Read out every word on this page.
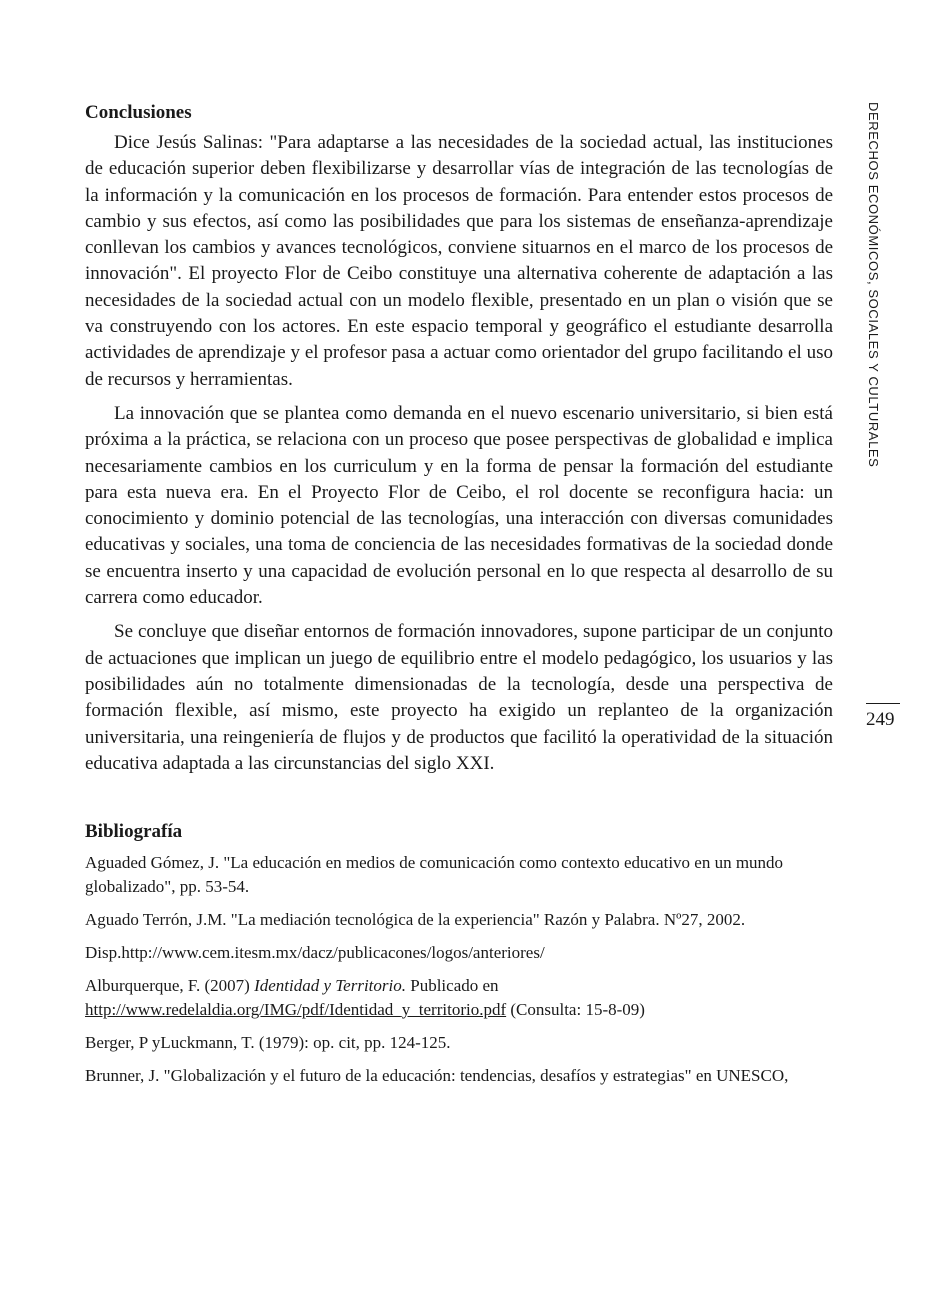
Conclusiones

Dice Jesús Salinas: "Para adaptarse a las necesidades de la sociedad actual, las instituciones de educación superior deben flexibilizarse y desarrollar vías de integración de las tecnologías de la información y la comunicación en los procesos de formación. Para entender estos procesos de cambio y sus efectos, así como las posibilidades que para los sistemas de enseñanza-aprendizaje conllevan los cambios y avances tecnológicos, conviene situarnos en el marco de los procesos de innovación". El proyecto Flor de Ceibo constituye una alternativa coherente de adaptación a las necesidades de la sociedad actual con un modelo flexible, presentado en un plan o visión que se va construyendo con los actores. En este espacio temporal y geográfico el estudiante desarrolla actividades de aprendizaje y el profesor pasa a actuar como orientador del grupo facilitando el uso de recursos y herramientas.

La innovación que se plantea como demanda en el nuevo escenario universitario, si bien está próxima a la práctica, se relaciona con un proceso que posee perspectivas de globalidad e implica necesariamente cambios en los curriculum y en la forma de pensar la formación del estudiante para esta nueva era. En el Proyecto Flor de Ceibo, el rol docente se reconfigura hacia: un conocimiento y dominio potencial de las tecnologías, una interacción con diversas comunidades educativas y sociales, una toma de conciencia de las necesidades formativas de la sociedad donde se encuentra inserto y una capacidad de evolución personal en lo que respecta al desarrollo de su carrera como educador.

Se concluye que diseñar entornos de formación innovadores, supone participar de un conjunto de actuaciones que implican un juego de equilibrio entre el modelo pedagógico, los usuarios y las posibilidades aún no totalmente dimensionadas de la tecnología, desde una perspectiva de formación flexible, así mismo, este proyecto ha exigido un replanteo de la organización universitaria, una reingeniería de flujos y de productos que facilitó la operatividad de la situación educativa adaptada a las circunstancias del siglo XXI.

Bibliografía

Aguaded Gómez, J. "La educación en medios de comunicación como contexto educativo en un mundo globalizado", pp. 53-54.

Aguado Terrón, J.M. "La mediación tecnológica de la experiencia" Razón y Palabra. Nº27, 2002.

Disp.http://www.cem.itesm.mx/dacz/publicacones/logos/anteriores/

Alburquerque, F. (2007) Identidad y Territorio. Publicado en http://www.redelaldia.org/IMG/pdf/Identidad_y_territorio.pdf (Consulta: 15-8-09)

Berger, P yLuckmann, T. (1979): op. cit, pp. 124-125.

Brunner, J. "Globalización y el futuro de la educación: tendencias, desafíos y estrategias" en UNESCO,

DERECHOS ECONÓMICOS, SOCIALES Y CULTURALES
249
